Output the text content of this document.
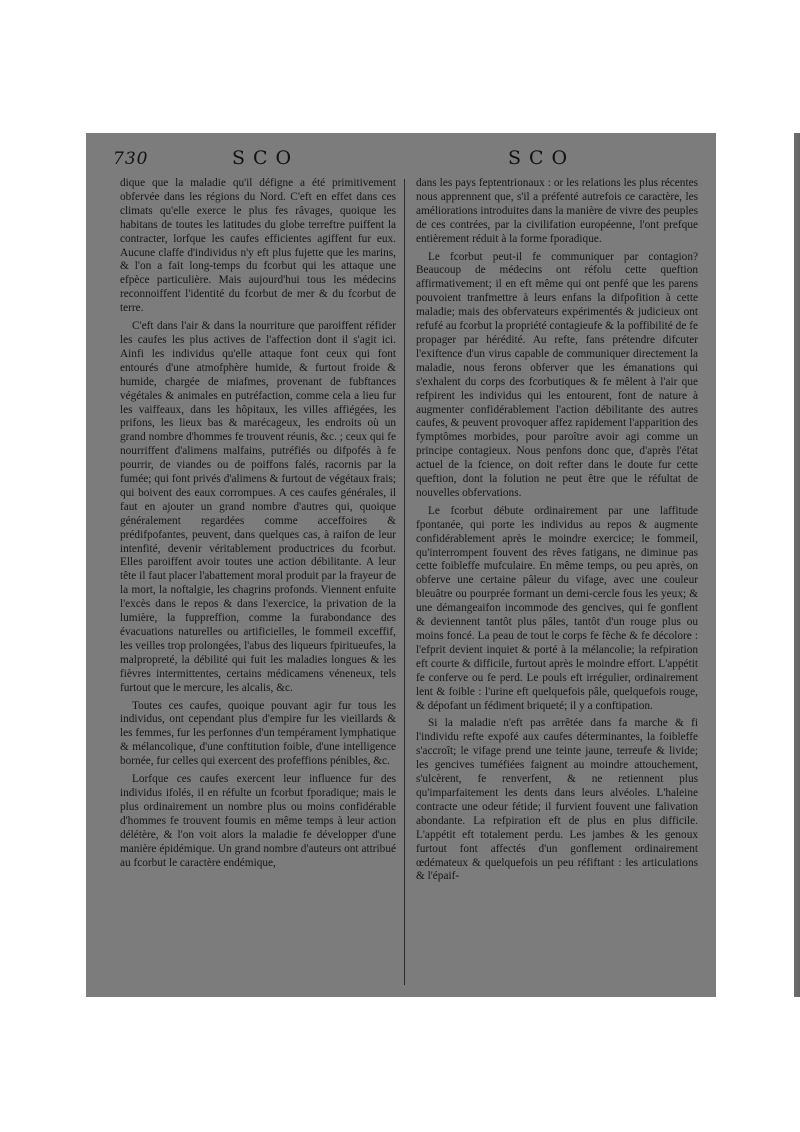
730	SCO	SCO

dique que la maladie qu'il défigne a été primitivement obfervée dans les régions du Nord. C'eft en effet dans ces climats qu'elle exerce le plus fes râvages, quoique les habitans de toutes les latitudes du globe terreftre puiffent la contracter, lorfque les caufes efficientes agiffent fur eux. Aucune claffe d'individus n'y eft plus fujette que les marins, & l'on a fait long-temps du fcorbut qui les attaque une efpèce particulière. Mais aujourd'hui tous les médecins reconnoiffent l'identité du fcorbut de mer & du fcorbut de terre.

C'eft dans l'air & dans la nourriture que paroiffent réfider les caufes les plus actives de l'affection dont il s'agit ici. Ainfi les individus qu'elle attaque font ceux qui font entourés d'une atmofphère humide, & furtout froide & humide, chargée de miafmes, provenant de fubftances végétales & animales en putréfaction, comme cela a lieu fur les vaiffeaux, dans les hôpitaux, les villes affiégées, les prifons, les lieux bas & marécageux, les endroits où un grand nombre d'hommes fe trouvent réunis, &c. ; ceux qui fe nourriffent d'alimens malfains, putréfiés ou difpofés à fe pourrir, de viandes ou de poiffons falés, racornis par la fumée; qui font privés d'alimens & furtout de végétaux frais; qui boivent des eaux corrompues. A ces caufes générales, il faut en ajouter un grand nombre d'autres qui, quoique généralement regardées comme acceffoires & prédifpofantes, peuvent, dans quelques cas, à raifon de leur intenfité, devenir véritablement productrices du fcorbut. Elles paroiffent avoir toutes une action débilitante. A leur tête il faut placer l'abattement moral produit par la frayeur de la mort, la noftalgie, les chagrins profonds. Viennent enfuite l'excès dans le repos & dans l'exercice, la privation de la lumière, la fuppreffion, comme la furabondance des évacuations naturelles ou artificielles, le fommeil exceffif, les veilles trop prolongées, l'abus des liqueurs fpiritueufes, la malpropreté, la débilité qui fuit les maladies longues & les fièvres intermittentes, certains médicamens véneneux, tels furtout que le mercure, les alcalis, &c.

Toutes ces caufes, quoique pouvant agir fur tous les individus, ont cependant plus d'empire fur les vieillards & les femmes, fur les perfonnes d'un tempérament lymphatique & mélancolique, d'une conftitution foible, d'une intelligence bornée, fur celles qui exercent des profeffions pénibles, &c.

Lorfque ces caufes exercent leur influence fur des individus ifolés, il en réfulte un fcorbut fporadique; mais le plus ordinairement un nombre plus ou moins confidérable d'hommes fe trouvent foumis en même temps à leur action délétère, & l'on voit alors la maladie fe développer d'une manière épidémique. Un grand nombre d'auteurs ont attribué au fcorbut le caractère endémique,

dans les pays feptentrionaux : or les relations les plus récentes nous apprennent que, s'il a préfenté autrefois ce caractère, les améliorations introduites dans la manière de vivre des peuples de ces contrées, par la civilifation européenne, l'ont prefque entièrement réduit à la forme fporadique.

Le fcorbut peut-il fe communiquer par contagion? Beaucoup de médecins ont réfolu cette queftion affirmativement; il en eft même qui ont penfé que les parens pouvoient tranfmettre à leurs enfans la difpofition à cette maladie; mais des obfervateurs expérimentés & judicieux ont refufé au fcorbut la propriété contagieufe & la poffibilité de fe propager par hérédité. Au refte, fans prétendre difcuter l'exiftence d'un virus capable de communiquer directement la maladie, nous ferons obferver que les émanations qui s'exhalent du corps des fcorbutiques & fe mêlent à l'air que refpirent les individus qui les entourent, font de nature à augmenter confidérablement l'action débilitante des autres caufes, & peuvent provoquer affez rapidement l'apparition des fymptômes morbides, pour paroître avoir agi comme un principe contagieux. Nous penfons donc que, d'après l'état actuel de la fcience, on doit refter dans le doute fur cette queftion, dont la folution ne peut être que le réfultat de nouvelles obfervations.

Le fcorbut débute ordinairement par une laffitude fpontanée, qui porte les individus au repos & augmente confidérablement après le moindre exercice; le fommeil, qu'interrompent fouvent des rêves fatigans, ne diminue pas cette foibleffe mufculaire. En même temps, ou peu après, on obferve une certaine pâleur du vifage, avec une couleur bleuâtre ou pourprée formant un demi-cercle fous les yeux; & une démangeaifon incommode des gencives, qui fe gonflent & deviennent tantôt plus pâles, tantôt d'un rouge plus ou moins foncé. La peau de tout le corps fe fèche & fe décolore : l'efprit devient inquiet & porté à la mélancolie; la refpiration eft courte & difficile, furtout après le moindre effort. L'appétit fe conferve ou fe perd. Le pouls eft irrégulier, ordinairement lent & foible : l'urine eft quelquefois pâle, quelquefois rouge, & dépofant un fédiment briqueté; il y a conftipation.

Si la maladie n'eft pas arrêtée dans fa marche & fi l'individu refte expofé aux caufes déterminantes, la foibleffe s'accroît; le vifage prend une teinte jaune, terreufe & livide; les gencives tuméfiées faignent au moindre attouchement, s'ulcèrent, fe renverfent, & ne retiennent plus qu'imparfaitement les dents dans leurs alvéoles. L'haleine contracte une odeur fétide; il furvient fouvent une falivation abondante. La refpiration eft de plus en plus difficile. L'appétit eft totalement perdu. Les jambes & les genoux furtout font affectés d'un gonflement ordinairement œdémateux & quelquefois un peu réfiftant : les articulations & l'épaif-
